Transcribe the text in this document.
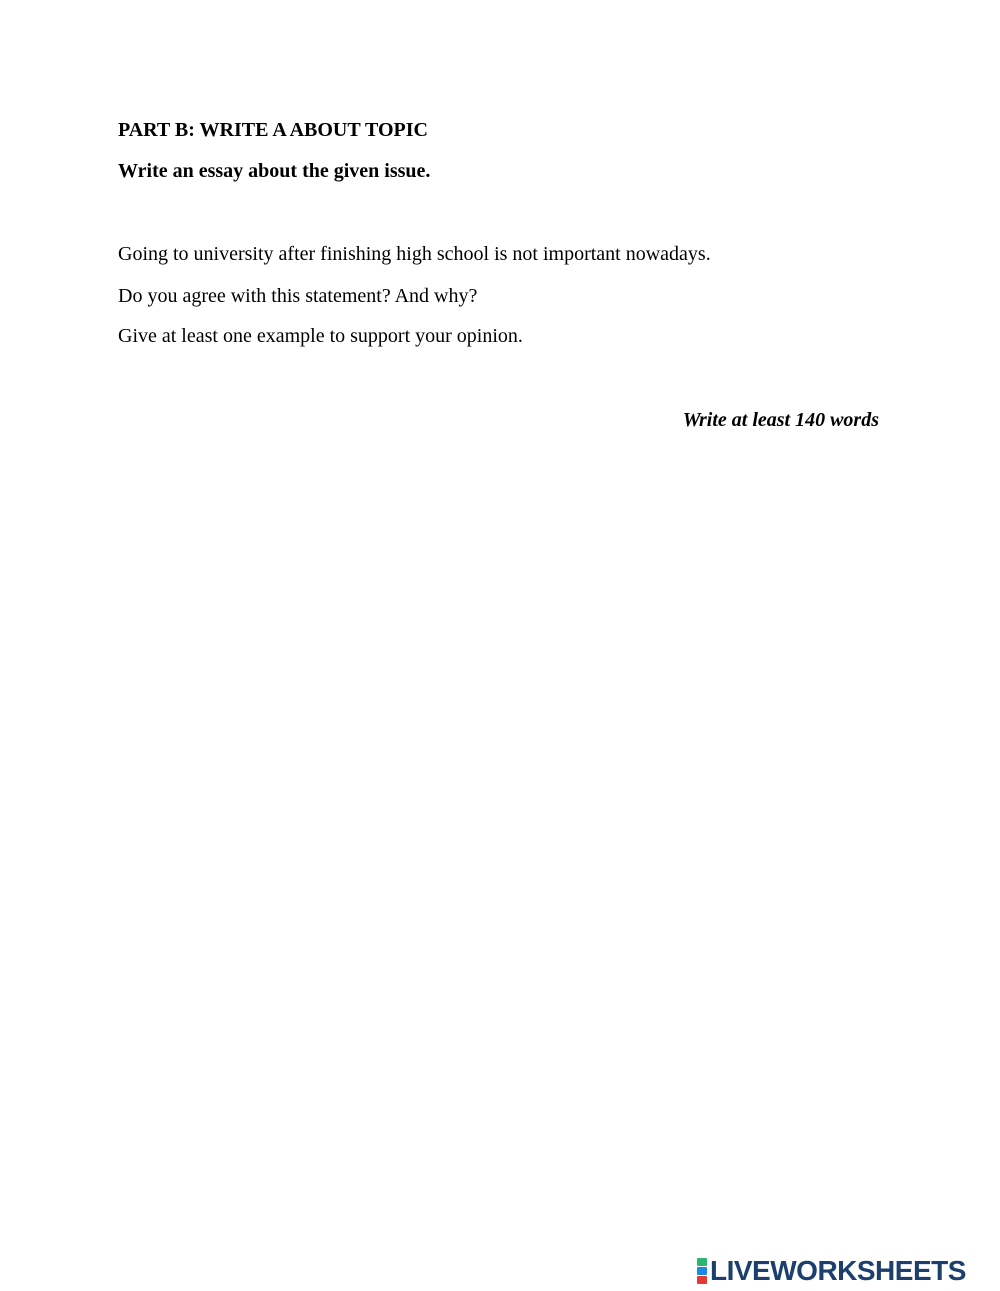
PART B: WRITE A ABOUT TOPIC
Write an essay about the given issue.
Going to university after finishing high school is not important nowadays.
Do you agree with this statement? And why?
Give at least one example to support your opinion.
Write at least 140 words
LIVEWORKSHEETS
